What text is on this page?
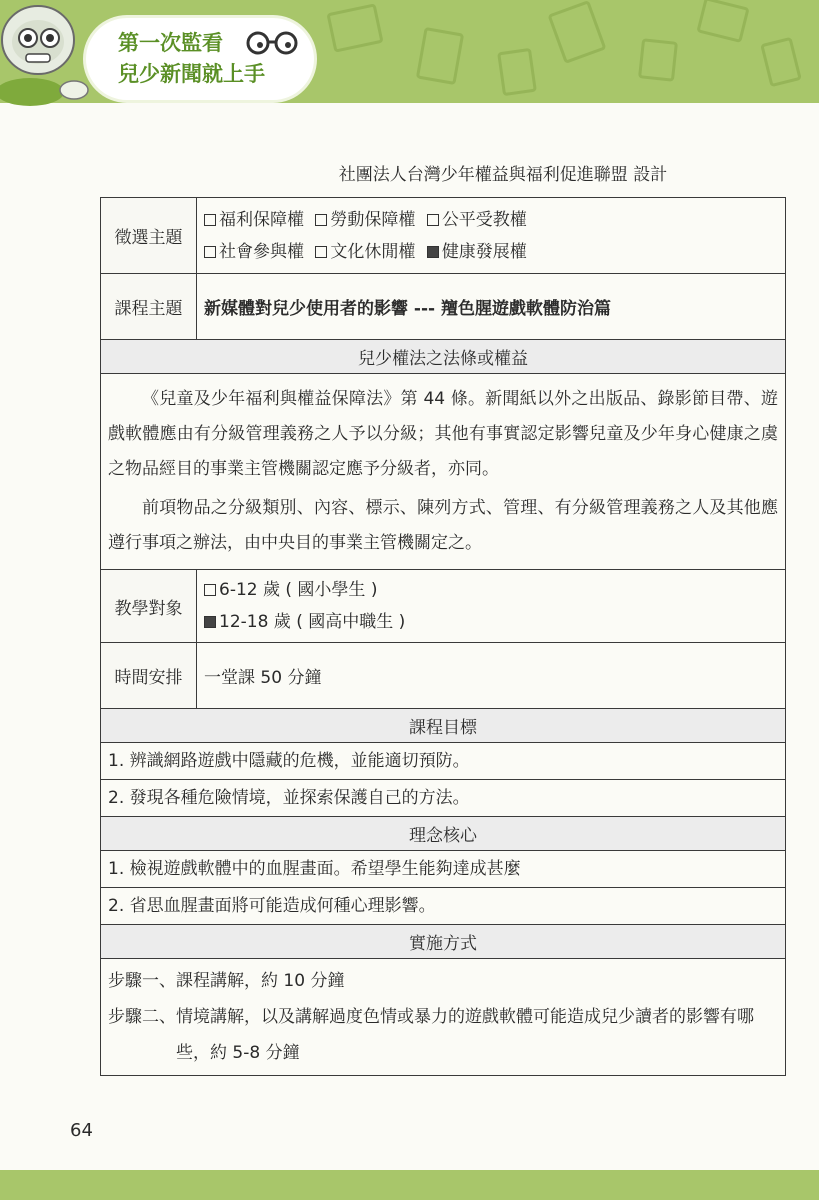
第一次監看
兒少新聞就上手
社團法人台灣少年權益與福利促進聯盟 設計
徵選主題	福利保障權 勞動保障權 公平受教權
社會參與權 文化休閒權 健康發展權

課程主題	新媒體對兒少使用者的影響 --- 羶色腥遊戲軟體防治篇
兒少權法之法條或權益	

《兒童及少年福利與權益保障法》第 44 條。新聞紙以外之出版品、錄影節目帶、遊戲軟體應由有分級管理義務之人予以分級；其他有事實認定影響兒童及少年身心健康之虞之物品經目的事業主管機關認定應予分級者，亦同。

前項物品之分級類別、內容、標示、陳列方式、管理、有分級管理義務之人及其他應遵行事項之辦法，由中央目的事業主管機關定之。	

教學對象	6-12 歲 ( 國小學生 )
12-18 歲 ( 國高中職生 )

時間安排	一堂課 50 分鐘
課程目標	
1. 辨識網路遊戲中隱藏的危機，並能適切預防。	
2. 發現各種危險情境，並探索保護自己的方法。	
理念核心	
1. 檢視遊戲軟體中的血腥畫面。希望學生能夠達成甚麼	
2. 省思血腥畫面將可能造成何種心理影響。	
實施方式	

步驟一、 課程講解，約 10 分鐘
步驟二、 情境講解，以及講解過度色情或暴力的遊戲軟體可能造成兒少讀者的影響有哪些，約 5-8 分鐘	
64
